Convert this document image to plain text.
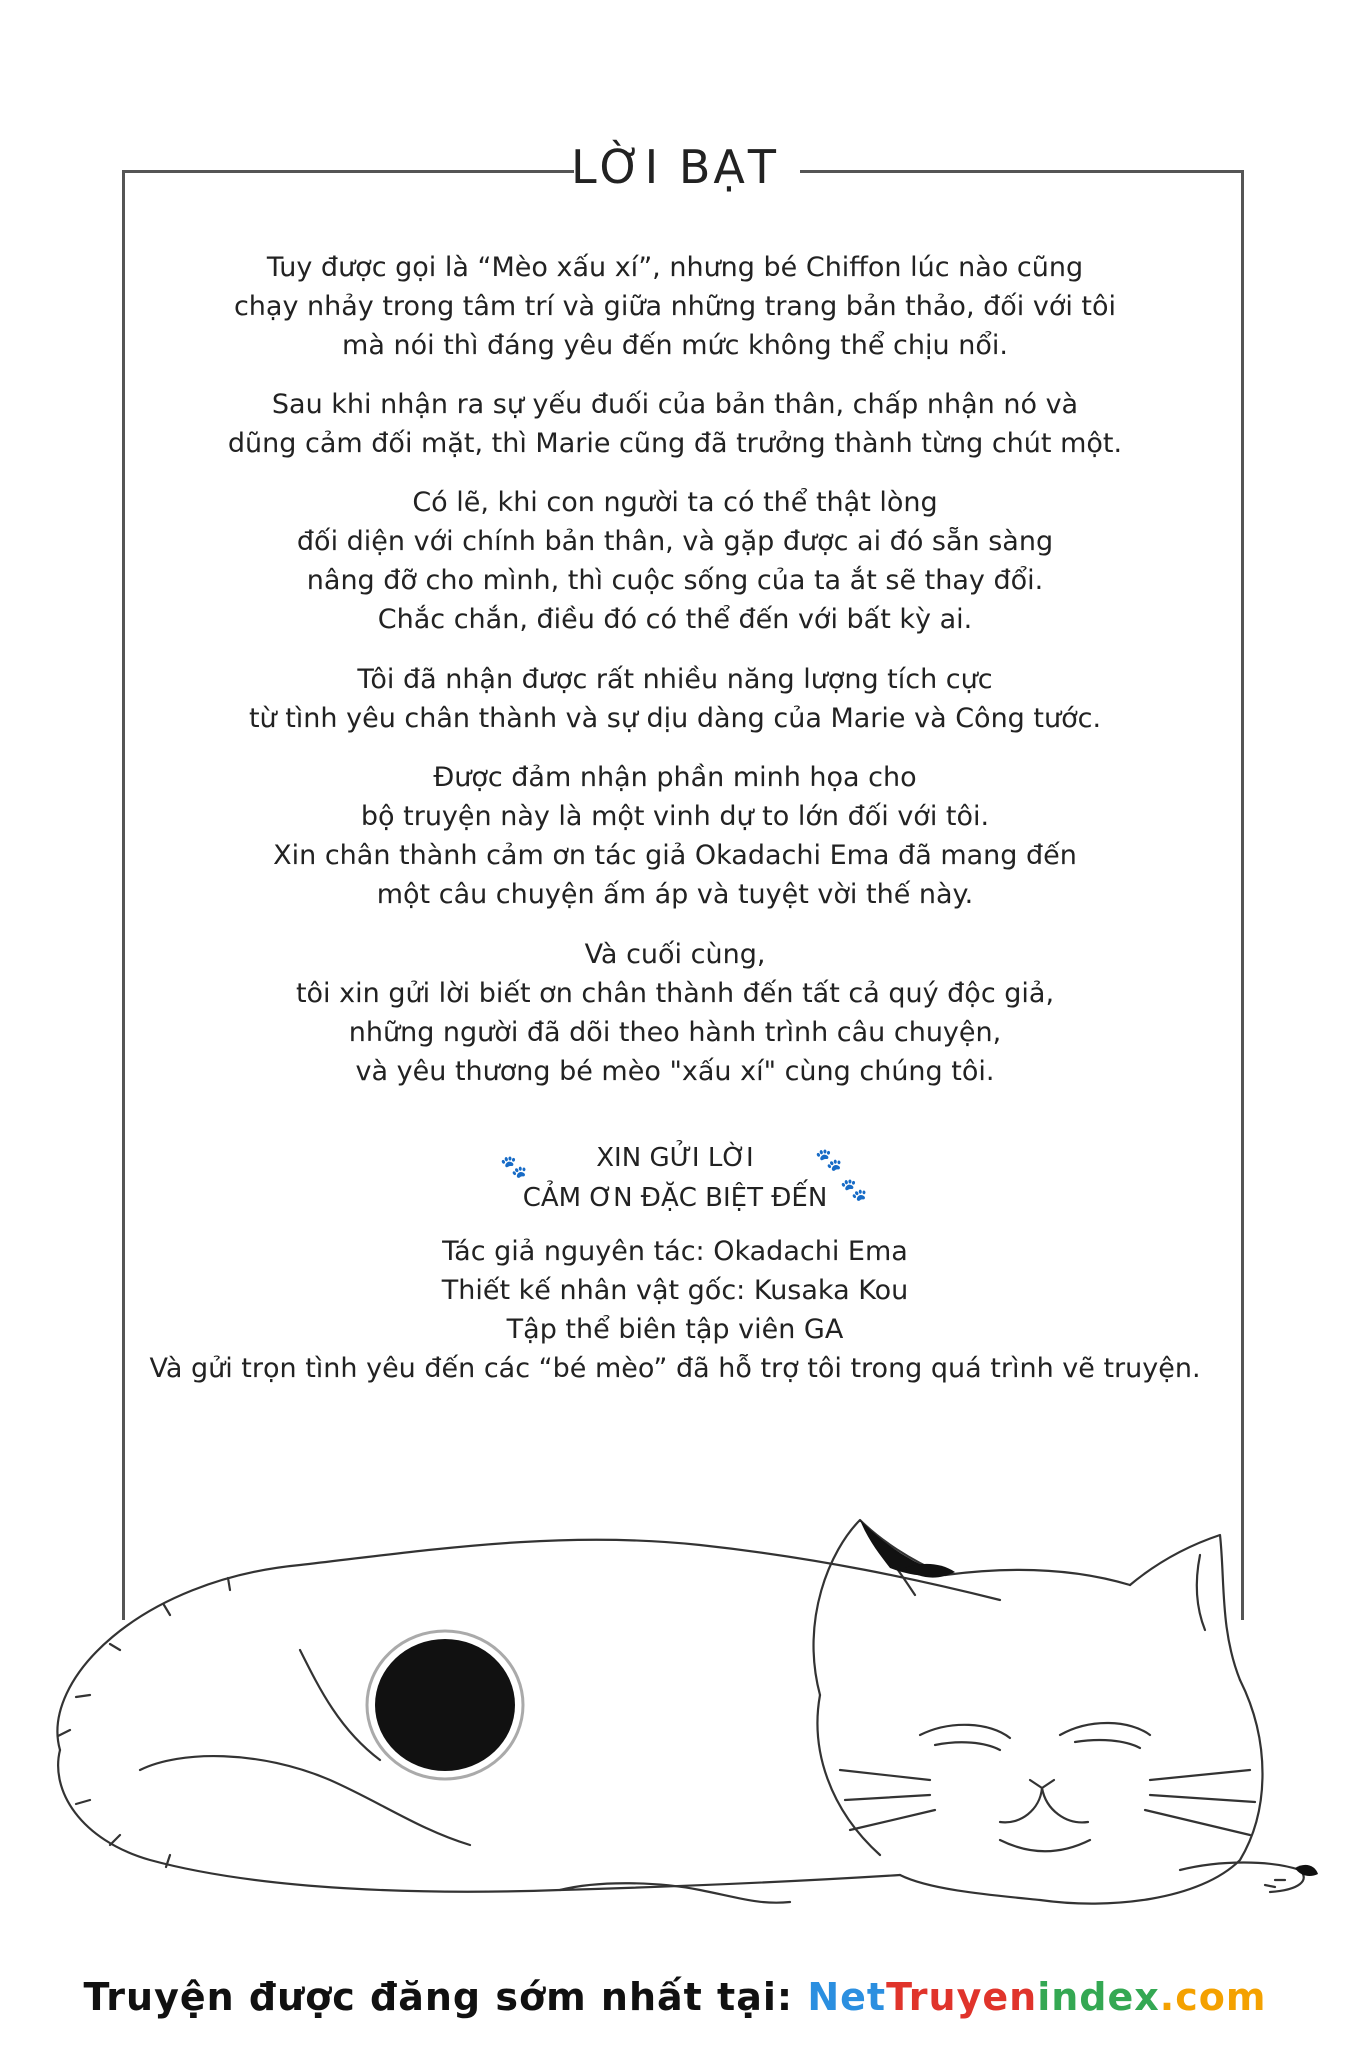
LỜI BẠT
Tuy được gọi là “Mèo xấu xí”, nhưng bé Chiffon lúc nào cũng
chạy nhảy trong tâm trí và giữa những trang bản thảo, đối với tôi
mà nói thì đáng yêu đến mức không thể chịu nổi.
Sau khi nhận ra sự yếu đuối của bản thân, chấp nhận nó và
dũng cảm đối mặt, thì Marie cũng đã trưởng thành từng chút một.
Có lẽ, khi con người ta có thể thật lòng
đối diện với chính bản thân, và gặp được ai đó sẵn sàng
nâng đỡ cho mình, thì cuộc sống của ta ắt sẽ thay đổi.
Chắc chắn, điều đó có thể đến với bất kỳ ai.
Tôi đã nhận được rất nhiều năng lượng tích cực
từ tình yêu chân thành và sự dịu dàng của Marie và Công tước.
Được đảm nhận phần minh họa cho
bộ truyện này là một vinh dự to lớn đối với tôi.
Xin chân thành cảm ơn tác giả Okadachi Ema đã mang đến
một câu chuyện ấm áp và tuyệt vời thế này.
Và cuối cùng,
tôi xin gửi lời biết ơn chân thành đến tất cả quý độc giả,
những người đã dõi theo hành trình câu chuyện,
và yêu thương bé mèo "xấu xí" cùng chúng tôi.
🐾	🐾
🐾
XIN GỬI LỜI
CẢM ƠN ĐẶC BIỆT ĐẾN
Tác giả nguyên tác: Okadachi Ema
Thiết kế nhân vật gốc: Kusaka Kou
Tập thể biên tập viên GA
Và gửi trọn tình yêu đến các “bé mèo” đã hỗ trợ tôi trong quá trình vẽ truyện.
Truyện được đăng sớm nhất tại: NetTruyenindex.com
